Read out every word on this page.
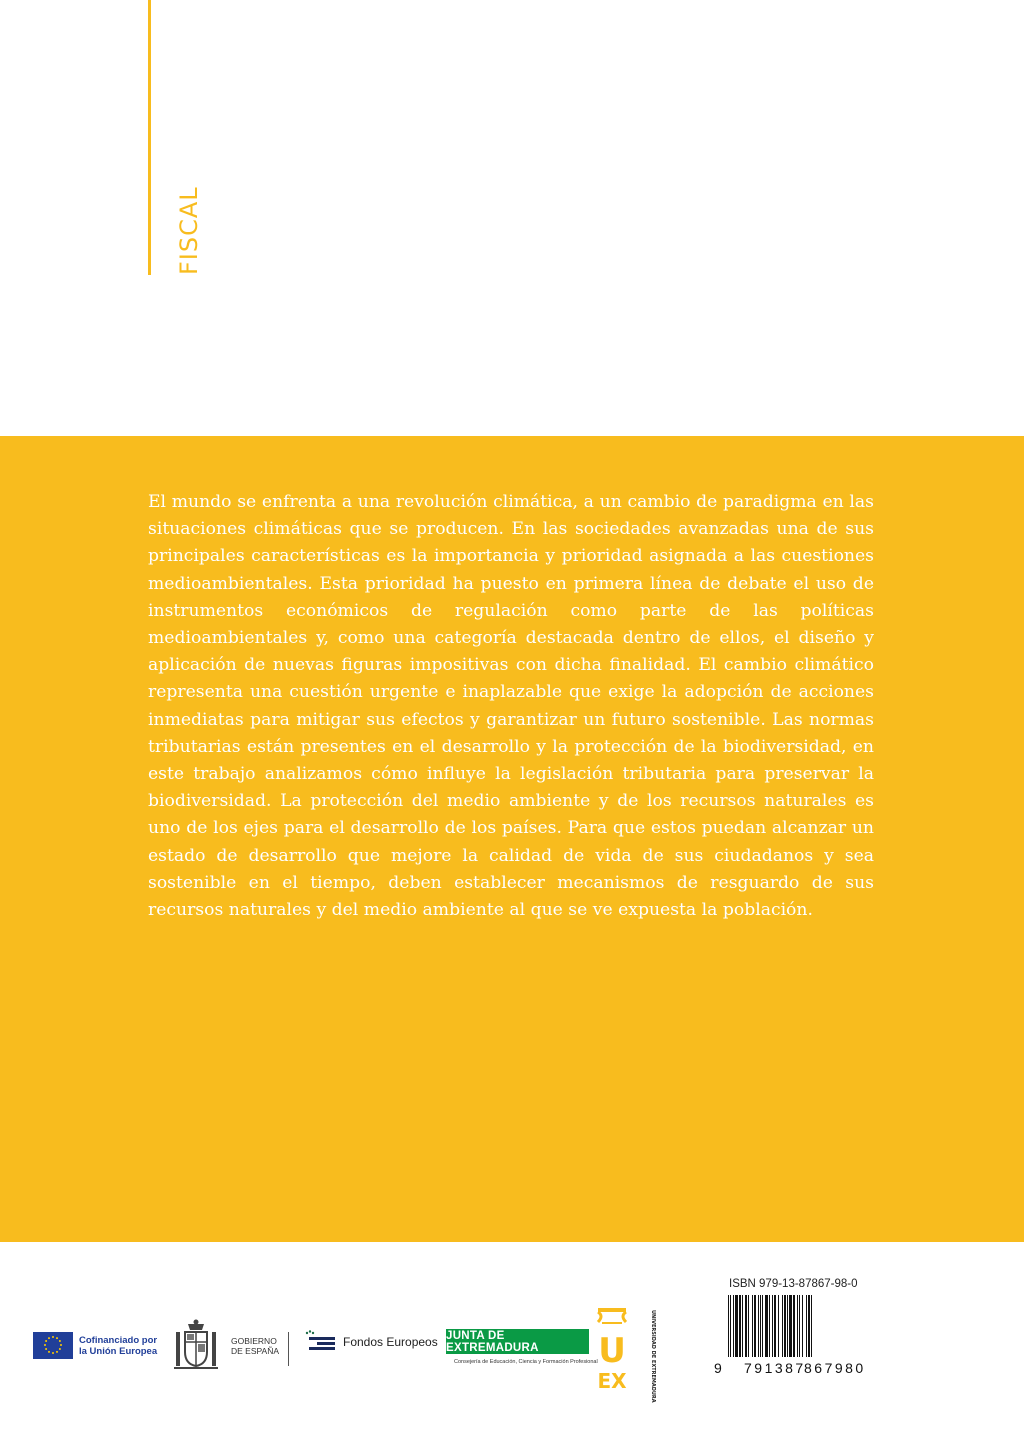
FISCAL

El mundo se enfrenta a una revolución climática, a un cambio de paradigma en las situaciones climáticas que se producen. En las sociedades avanzadas una de sus principales características es la importancia y prioridad asignada a las cuestiones medioambientales. Esta prioridad ha puesto en primera línea de debate el uso de instrumentos económicos de regulación como parte de las políticas medioambientales y, como una categoría destacada dentro de ellos, el diseño y aplicación de nuevas figuras impositivas con dicha finalidad. El cambio climático representa una cuestión urgente e inaplazable que exige la adopción de acciones inmediatas para mitigar sus efectos y garantizar un futuro sostenible. Las normas tributarias están presentes en el desarrollo y la protección de la biodiversidad, en este trabajo analizamos cómo influye la legislación tributaria para preservar la biodiversidad. La protección del medio ambiente y de los recursos naturales es uno de los ejes para el desarrollo de los países. Para que estos puedan alcanzar un estado de desarrollo que mejore la calidad de vida de sus ciudadanos y sea sostenible en el tiempo, deben establecer mecanismos de resguardo de sus recursos naturales y del medio ambiente al que se ve expuesta la población.

Cofinanciado por
la Unión Europea
GOBIERNO
DE ESPAÑA
Fondos Europeos JUNTA DE EXTREMADURA
Consejería de Educación, Ciencia y Formación Profesional U
EX	UNIVERSIDAD DE EXTREMADURA
ISBN 979-13-87867-98-0
9 791387
867980
